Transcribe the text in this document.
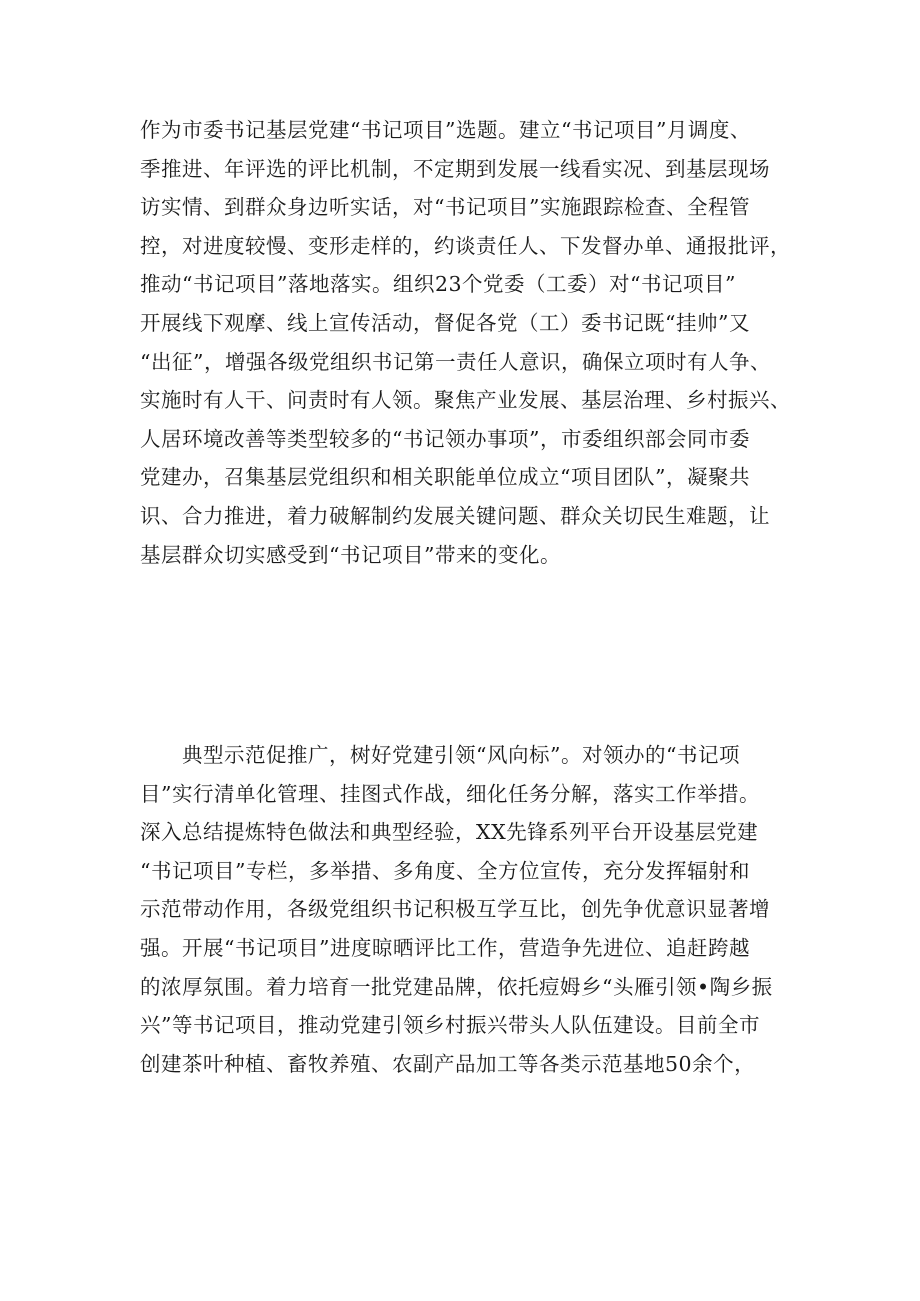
作为市委书记基层党建“书记项目”选题。建立“书记项目”月调度、
季推进、年评选的评比机制，不定期到发展一线看实况、到基层现场
访实情、到群众身边听实话，对“书记项目”实施跟踪检查、全程管
控，对进度较慢、变形走样的，约谈责任人、下发督办单、通报批评，
推动“书记项目”落地落实。组织23个党委（工委）对“书记项目”
开展线下观摩、线上宣传活动，督促各党（工）委书记既“挂帅”又
“出征”，增强各级党组织书记第一责任人意识，确保立项时有人争、
实施时有人干、问责时有人领。聚焦产业发展、基层治理、乡村振兴、
人居环境改善等类型较多的“书记领办事项”，市委组织部会同市委
党建办，召集基层党组织和相关职能单位成立“项目团队”，凝聚共
识、合力推进，着力破解制约发展关键问题、群众关切民生难题，让
基层群众切实感受到“书记项目”带来的变化。
　　典型示范促推广，树好党建引领“风向标”。对领办的“书记项
目”实行清单化管理、挂图式作战，细化任务分解，落实工作举措。
深入总结提炼特色做法和典型经验，XX先锋系列平台开设基层党建
“书记项目”专栏，多举措、多角度、全方位宣传，充分发挥辐射和
示范带动作用，各级党组织书记积极互学互比，创先争优意识显著增
强。开展“书记项目”进度晾晒评比工作，营造争先进位、追赶跨越
的浓厚氛围。着力培育一批党建品牌，依托痘姆乡“头雁引领•陶乡振
兴”等书记项目，推动党建引领乡村振兴带头人队伍建设。目前全市
创建茶叶种植、畜牧养殖、农副产品加工等各类示范基地50余个，
